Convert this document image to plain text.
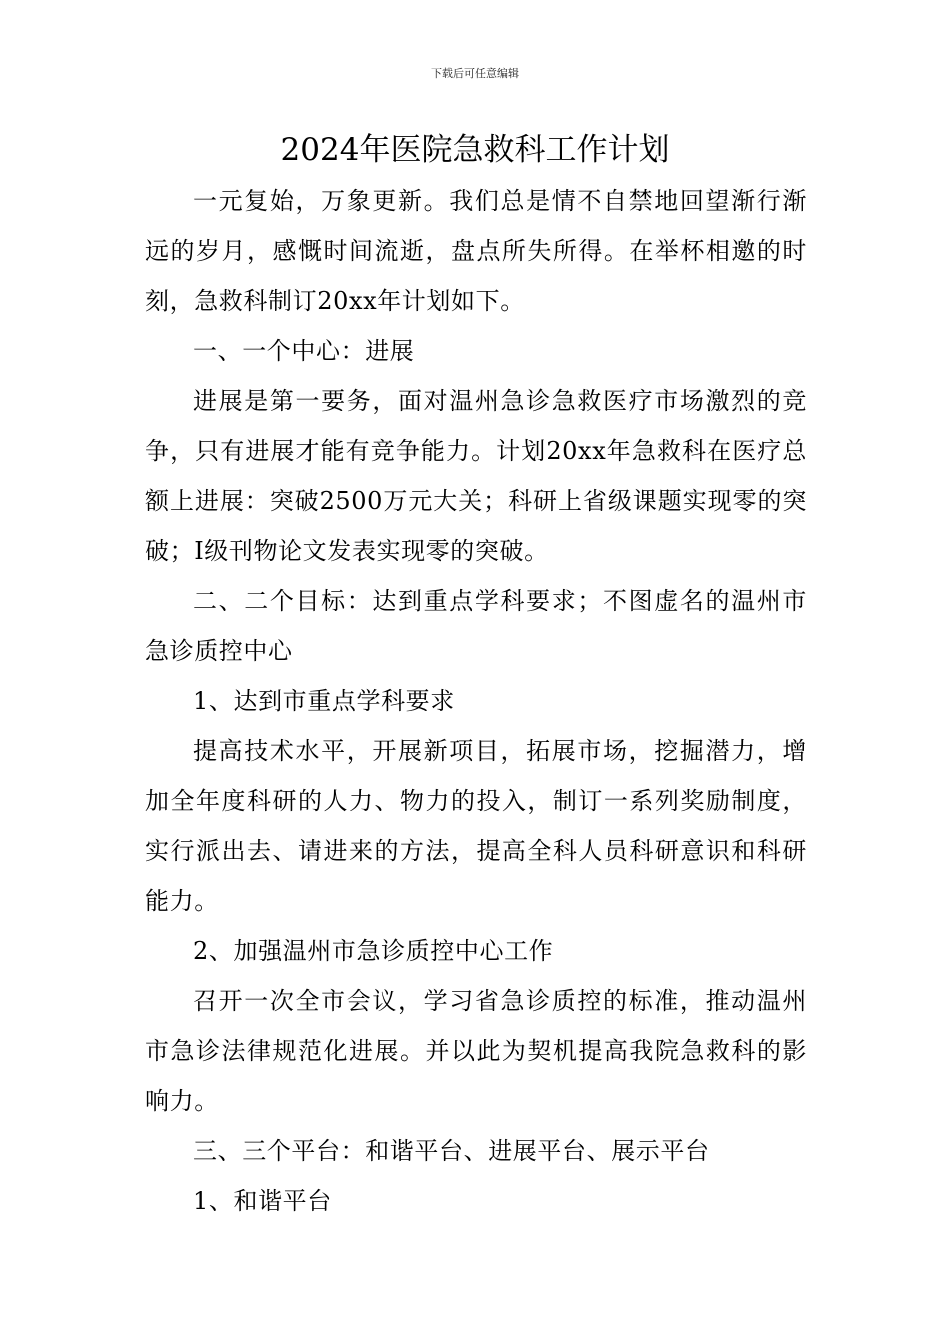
下载后可任意编辑
2024年医院急救科工作计划

一元复始，万象更新。我们总是情不自禁地回望渐行渐远的岁月，感慨时间流逝，盘点所失所得。在举杯相邀的时刻，急救科制订20xx年计划如下。

一、一个中心：进展

进展是第一要务，面对温州急诊急救医疗市场激烈的竞争，只有进展才能有竞争能力。计划20xx年急救科在医疗总额上进展：突破2500万元大关；科研上省级课题实现零的突破；Ⅰ级刊物论文发表实现零的突破。

二、二个目标：达到重点学科要求；不图虚名的温州市急诊质控中心

1、达到市重点学科要求

提高技术水平，开展新项目，拓展市场，挖掘潜力，增加全年度科研的人力、物力的投入，制订一系列奖励制度，实行派出去、请进来的方法，提高全科人员科研意识和科研能力。

2、加强温州市急诊质控中心工作

召开一次全市会议，学习省急诊质控的标准，推动温州市急诊法律规范化进展。并以此为契机提高我院急救科的影响力。

三、三个平台：和谐平台、进展平台、展示平台

1、和谐平台
